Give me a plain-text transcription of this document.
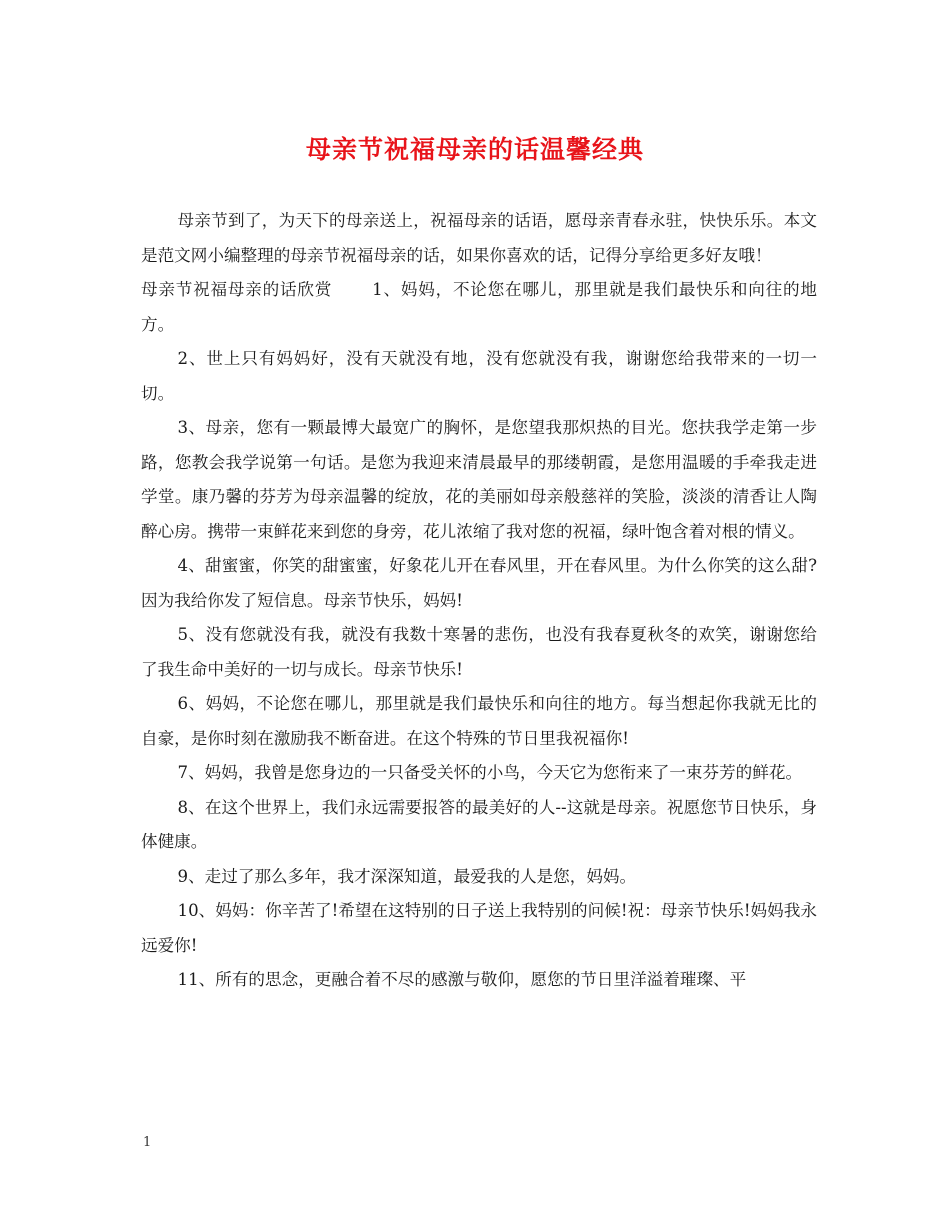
母亲节祝福母亲的话温馨经典

母亲节到了，为天下的母亲送上，祝福母亲的话语，愿母亲青春永驻，快快乐乐。本文是范文网小编整理的母亲节祝福母亲的话，如果你喜欢的话，记得分享给更多好友哦！

母亲节祝福母亲的话欣赏 1、妈妈，不论您在哪儿，那里就是我们最快乐和向往的地方。

2、世上只有妈妈好，没有天就没有地，没有您就没有我，谢谢您给我带来的一切一切。

3、母亲，您有一颗最博大最宽广的胸怀，是您望我那炽热的目光。您扶我学走第一步路，您教会我学说第一句话。是您为我迎来清晨最早的那缕朝霞，是您用温暖的手牵我走进学堂。康乃馨的芬芳为母亲温馨的绽放，花的美丽如母亲般慈祥的笑脸，淡淡的清香让人陶醉心房。携带一束鲜花来到您的身旁，花儿浓缩了我对您的祝福，绿叶饱含着对根的情义。

4、甜蜜蜜，你笑的甜蜜蜜，好象花儿开在春风里，开在春风里。为什么你笑的这么甜?因为我给你发了短信息。母亲节快乐，妈妈!

5、没有您就没有我，就没有我数十寒暑的悲伤，也没有我春夏秋冬的欢笑，谢谢您给了我生命中美好的一切与成长。母亲节快乐!

6、妈妈，不论您在哪儿，那里就是我们最快乐和向往的地方。每当想起你我就无比的自豪，是你时刻在激励我不断奋进。在这个特殊的节日里我祝福你!

7、妈妈，我曾是您身边的一只备受关怀的小鸟，今天它为您衔来了一束芬芳的鲜花。

8、在这个世界上，我们永远需要报答的最美好的人--这就是母亲。祝愿您节日快乐，身体健康。

9、走过了那么多年，我才深深知道，最爱我的人是您，妈妈。

10、妈妈：你辛苦了!希望在这特别的日子送上我特别的问候!祝：母亲节快乐!妈妈我永远爱你!

11、所有的思念，更融合着不尽的感激与敬仰，愿您的节日里洋溢着璀璨、平

1
